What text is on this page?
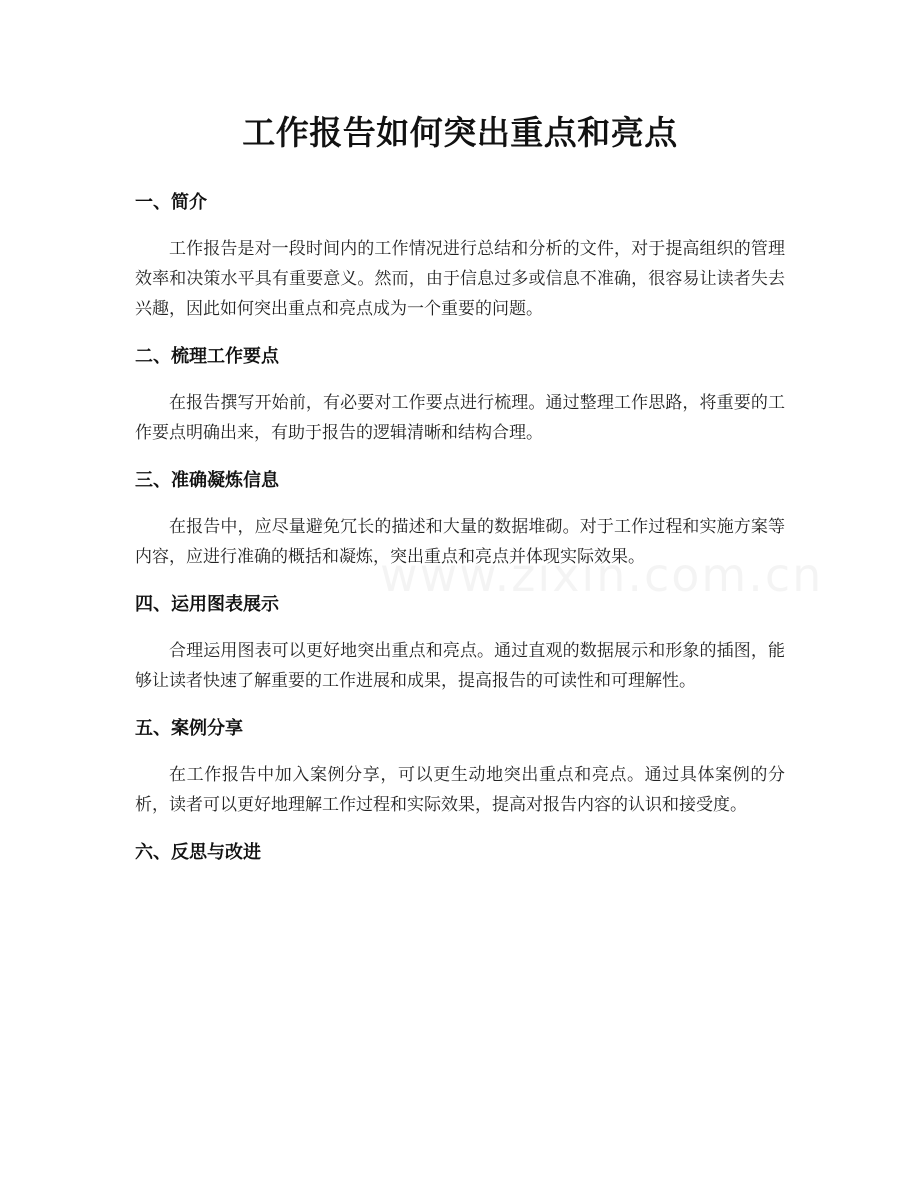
工作报告如何突出重点和亮点
一、简介

工作报告是对一段时间内的工作情况进行总结和分析的文件，对于提高组织的管理效率和决策水平具有重要意义。然而，由于信息过多或信息不准确，很容易让读者失去兴趣，因此如何突出重点和亮点成为一个重要的问题。

二、梳理工作要点

在报告撰写开始前，有必要对工作要点进行梳理。通过整理工作思路，将重要的工作要点明确出来，有助于报告的逻辑清晰和结构合理。

三、准确凝炼信息

在报告中，应尽量避免冗长的描述和大量的数据堆砌。对于工作过程和实施方案等内容，应进行准确的概括和凝炼，突出重点和亮点并体现实际效果。

四、运用图表展示

合理运用图表可以更好地突出重点和亮点。通过直观的数据展示和形象的插图，能够让读者快速了解重要的工作进展和成果，提高报告的可读性和可理解性。

五、案例分享

在工作报告中加入案例分享，可以更生动地突出重点和亮点。通过具体案例的分析，读者可以更好地理解工作过程和实际效果，提高对报告内容的认识和接受度。

六、反思与改进
